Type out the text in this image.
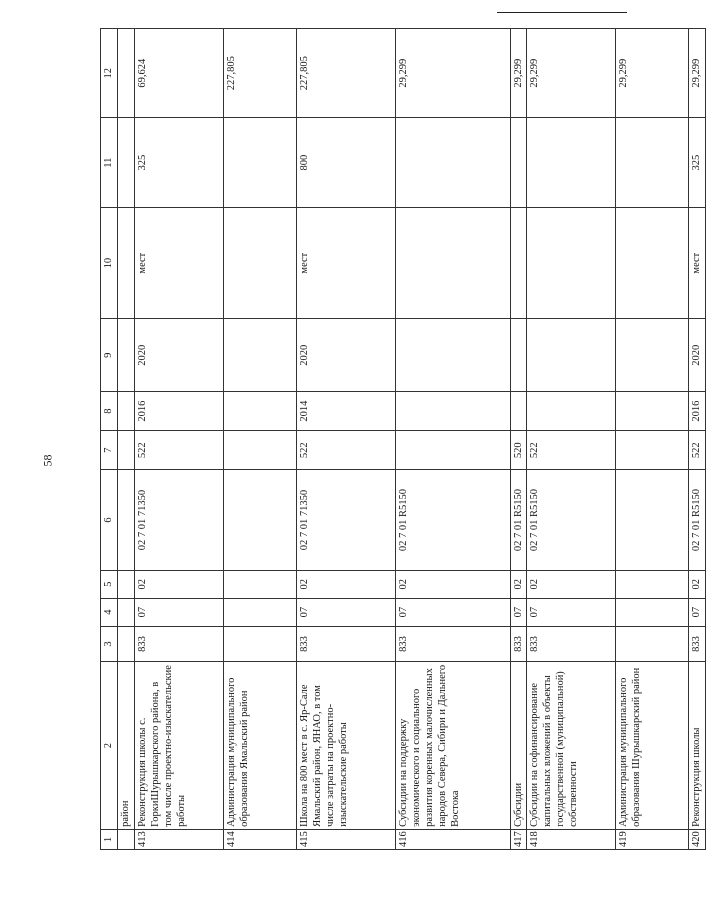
58
1	2	3	4	5	6	7	8	9	10	11	12
	район										
413	Реконструкция школы с. ГоркиШурышкарского района, в том числе проектно-изыскательские работы	833	07	02	02 7 01 71350	522	2016	2020	мест	325	69,624
414	Администрация муниципального образования Ямальский район										227,805
415	Школа на 800 мест в с. Яр-Сале Ямальский район, ЯНАО, в том числе затраты на проектно-изыскательские работы	833	07	02	02 7 01 71350	522	2014	2020	мест	800	227,805
416	Субсидии на поддержку экономического и социального развития коренных малочисленных народов Севера, Сибири и Дальнего Востока	833	07	02	02 7 01 R5150						29,299
417	Субсидии	833	07	02	02 7 01 R5150	520					29,299
418	Субсидии на софинансирование капитальных вложений в объекты государственной (муниципальной) собственности	833	07	02	02 7 01 R5150	522					29,299
419	Администрация муниципального образования Шурышкарский район										29,299
420	Реконструкция школы	833	07	02	02 7 01 R5150	522	2016	2020	мест	325	29,299
